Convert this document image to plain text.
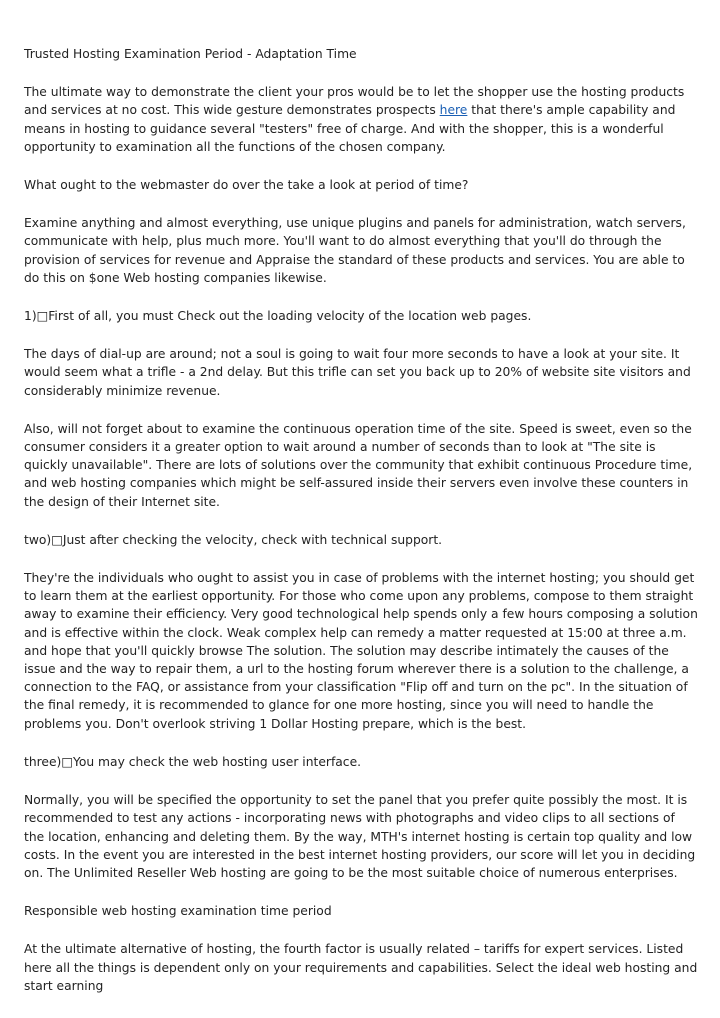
Trusted Hosting Examination Period - Adaptation Time

The ultimate way to demonstrate the client your pros would be to let the shopper use the hosting products and services at no cost. This wide gesture demonstrates prospects here that there's ample capability and means in hosting to guidance several "testers" free of charge. And with the shopper, this is a wonderful opportunity to examination all the functions of the chosen company.

What ought to the webmaster do over the take a look at period of time?

Examine anything and almost everything, use unique plugins and panels for administration, watch servers, communicate with help, plus much more. You'll want to do almost everything that you'll do through the provision of services for revenue and Appraise the standard of these products and services. You are able to do this on $one Web hosting companies likewise.

1)□First of all, you must Check out the loading velocity of the location web pages.

The days of dial-up are around; not a soul is going to wait four more seconds to have a look at your site. It would seem what a trifle - a 2nd delay. But this trifle can set you back up to 20% of website site visitors and considerably minimize revenue.

Also, will not forget about to examine the continuous operation time of the site. Speed is sweet, even so the consumer considers it a greater option to wait around a number of seconds than to look at "The site is quickly unavailable". There are lots of solutions over the community that exhibit continuous Procedure time, and web hosting companies which might be self-assured inside their servers even involve these counters in the design of their Internet site.

two)□Just after checking the velocity, check with technical support.

They're the individuals who ought to assist you in case of problems with the internet hosting; you should get to learn them at the earliest opportunity. For those who come upon any problems, compose to them straight away to examine their efficiency. Very good technological help spends only a few hours composing a solution and is effective within the clock. Weak complex help can remedy a matter requested at 15:00 at three a.m. and hope that you'll quickly browse The solution. The solution may describe intimately the causes of the issue and the way to repair them, a url to the hosting forum wherever there is a solution to the challenge, a connection to the FAQ, or assistance from your classification "Flip off and turn on the pc". In the situation of the final remedy, it is recommended to glance for one more hosting, since you will need to handle the problems you. Don't overlook striving 1 Dollar Hosting prepare, which is the best.

three)□You may check the web hosting user interface.

Normally, you will be specified the opportunity to set the panel that you prefer quite possibly the most. It is recommended to test any actions - incorporating news with photographs and video clips to all sections of the location, enhancing and deleting them. By the way, MTH's internet hosting is certain top quality and low costs. In the event you are interested in the best internet hosting providers, our score will let you in deciding on. The Unlimited Reseller Web hosting are going to be the most suitable choice of numerous enterprises.

Responsible web hosting examination time period

At the ultimate alternative of hosting, the fourth factor is usually related – tariffs for expert services. Listed here all the things is dependent only on your requirements and capabilities. Select the ideal web hosting and start earning
